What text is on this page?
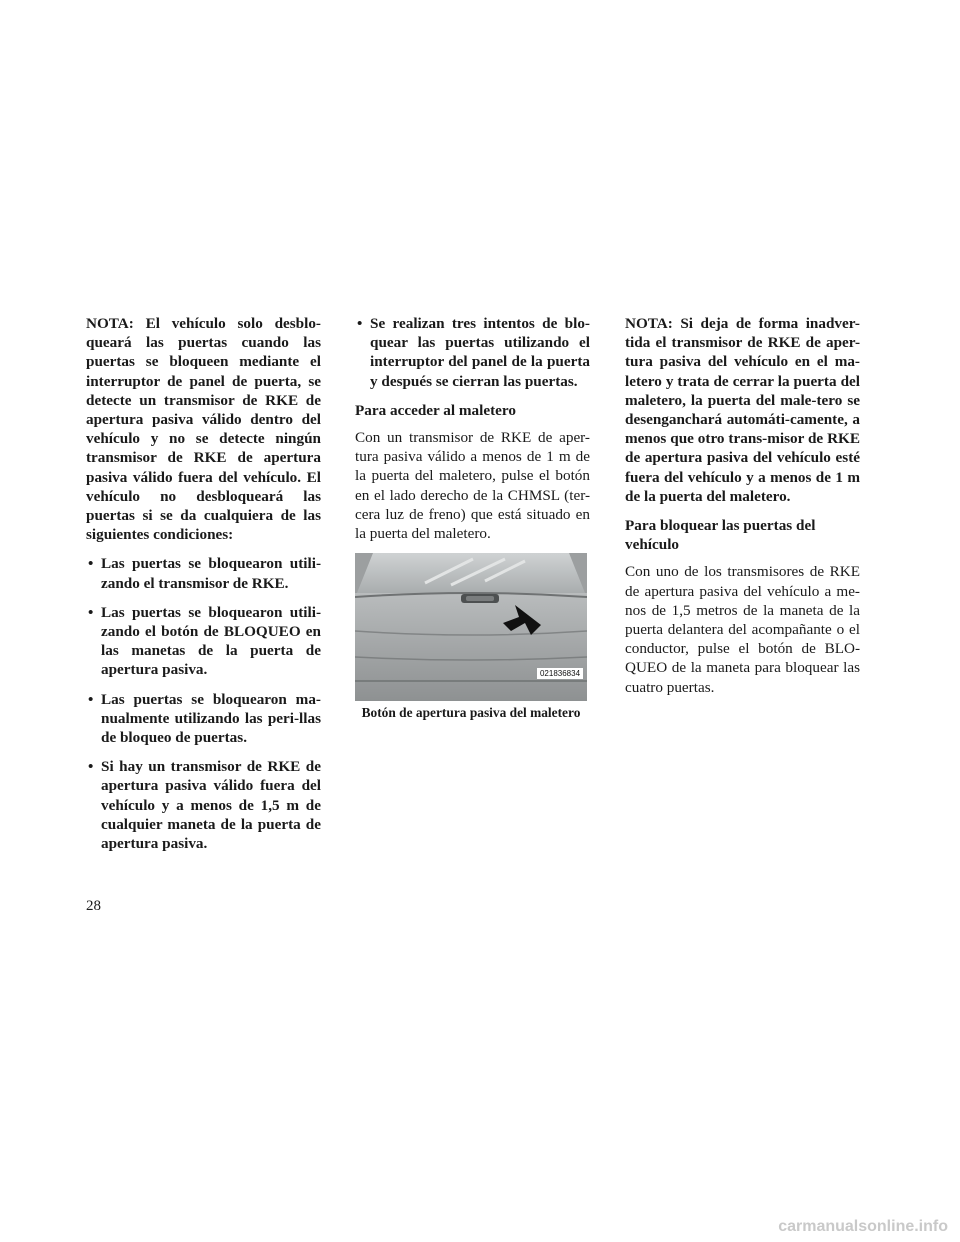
NOTA: El vehículo solo desblo-queará las puertas cuando las puertas se bloqueen mediante el interruptor de panel de puerta, se detecte un transmisor de RKE de apertura pasiva válido dentro del vehículo y no se detecte ningún transmisor de RKE de apertura pasiva válido fuera del vehículo. El vehículo no desbloqueará las puertas si se da cualquiera de las siguientes condiciones:

• Las puertas se bloquearon utili-zando el transmisor de RKE.
• Las puertas se bloquearon utili-zando el botón de BLOQUEO en las manetas de la puerta de apertura pasiva.
• Las puertas se bloquearon ma-nualmente utilizando las peri-llas de bloqueo de puertas.
• Si hay un transmisor de RKE de apertura pasiva válido fuera del vehículo y a menos de 1,5 m de cualquier maneta de la puerta de apertura pasiva.
• Se realizan tres intentos de blo-quear las puertas utilizando el interruptor del panel de la puerta y después se cierran las puertas.
Para acceder al maletero

Con un transmisor de RKE de aper-tura pasiva válido a menos de 1 m de la puerta del maletero, pulse el botón en el lado derecho de la CHMSL (ter-cera luz de freno) que está situado en la puerta del maletero.

021836834
Botón de apertura pasiva del maletero

NOTA: Si deja de forma inadver-tida el transmisor de RKE de aper-tura pasiva del vehículo en el ma-letero y trata de cerrar la puerta del maletero, la puerta del male-tero se desenganchará automáti-camente, a menos que otro trans-misor de RKE de apertura pasiva del vehículo esté fuera del vehículo y a menos de 1 m de la puerta del maletero.

Para bloquear las puertas del vehículo

Con uno de los transmisores de RKE de apertura pasiva del vehículo a me-nos de 1,5 metros de la maneta de la puerta delantera del acompañante o el conductor, pulse el botón de BLO-QUEO de la maneta para bloquear las cuatro puertas.

28
carmanualsonline.info
